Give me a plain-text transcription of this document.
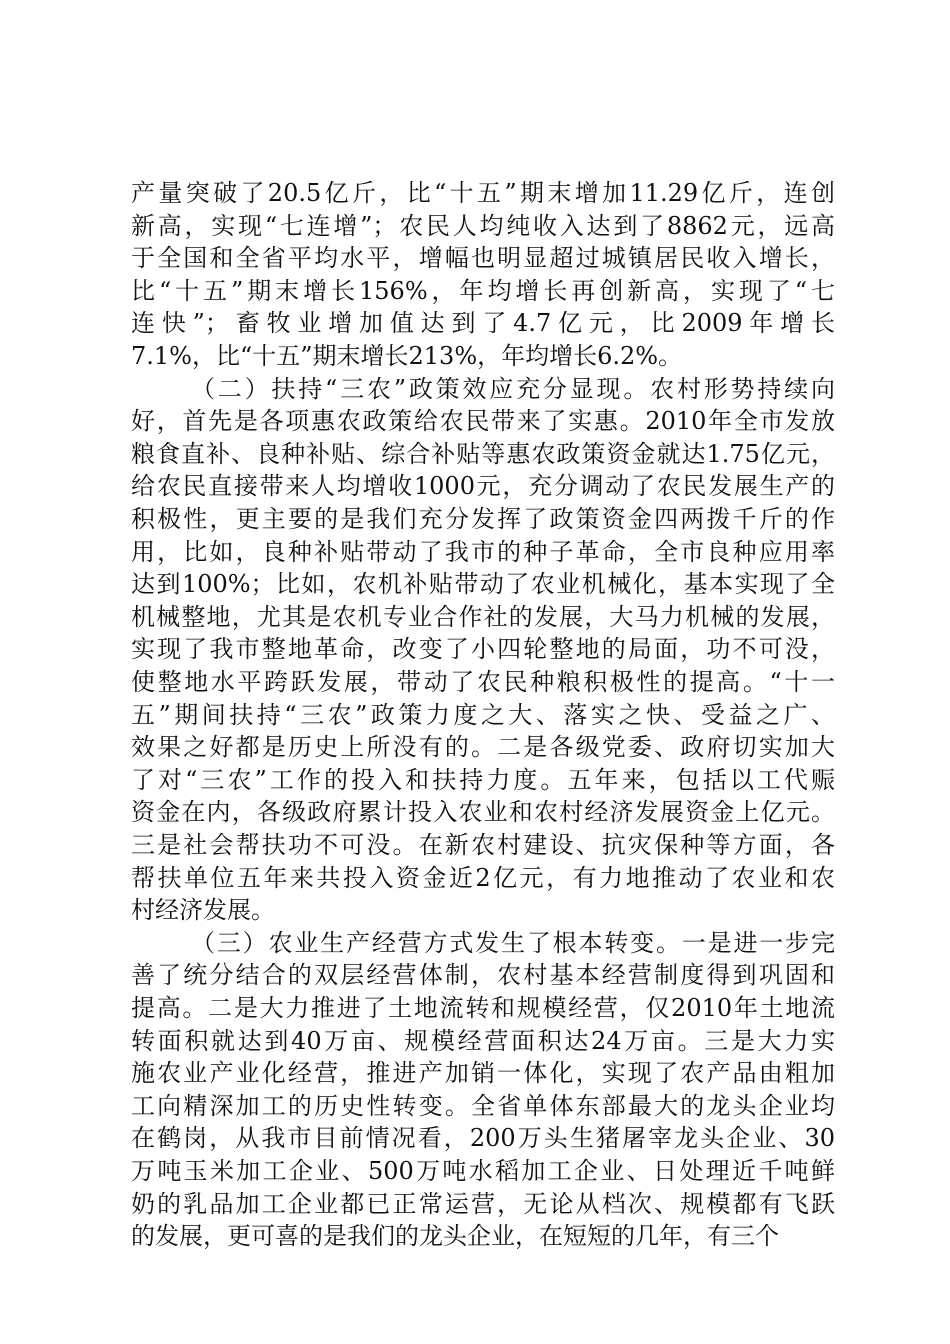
产量突破了20.5亿斤，比“十五”期末增加11.29亿斤，连创
新高，实现“七连增”；农民人均纯收入达到了8862元，远高
于全国和全省平均水平，增幅也明显超过城镇居民收入增长，
比“十五”期末增长156%，年均增长再创新高，实现了“七
连快”；畜牧业增加值达到了4.7亿元，比2009年增长
7.1%，比“十五”期末增长213%，年均增长6.2%。
（二）扶持“三农”政策效应充分显现。农村形势持续向
好，首先是各项惠农政策给农民带来了实惠。2010年全市发放
粮食直补、良种补贴、综合补贴等惠农政策资金就达1.75亿元，
给农民直接带来人均增收1000元，充分调动了农民发展生产的
积极性，更主要的是我们充分发挥了政策资金四两拨千斤的作
用，比如，良种补贴带动了我市的种子革命，全市良种应用率
达到100%；比如，农机补贴带动了农业机械化，基本实现了全
机械整地，尤其是农机专业合作社的发展，大马力机械的发展，
实现了我市整地革命，改变了小四轮整地的局面，功不可没，
使整地水平跨跃发展，带动了农民种粮积极性的提高。“十一
五”期间扶持“三农”政策力度之大、落实之快、受益之广、
效果之好都是历史上所没有的。二是各级党委、政府切实加大
了对“三农”工作的投入和扶持力度。五年来，包括以工代赈
资金在内，各级政府累计投入农业和农村经济发展资金上亿元。
三是社会帮扶功不可没。在新农村建设、抗灾保种等方面，各
帮扶单位五年来共投入资金近2亿元，有力地推动了农业和农
村经济发展。
（三）农业生产经营方式发生了根本转变。一是进一步完
善了统分结合的双层经营体制，农村基本经营制度得到巩固和
提高。二是大力推进了土地流转和规模经营，仅2010年土地流
转面积就达到40万亩、规模经营面积达24万亩。三是大力实
施农业产业化经营，推进产加销一体化，实现了农产品由粗加
工向精深加工的历史性转变。全省单体东部最大的龙头企业均
在鹤岗，从我市目前情况看，200万头生猪屠宰龙头企业、30
万吨玉米加工企业、500万吨水稻加工企业、日处理近千吨鲜
奶的乳品加工企业都已正常运营，无论从档次、规模都有飞跃
的发展，更可喜的是我们的龙头企业，在短短的几年，有三个
